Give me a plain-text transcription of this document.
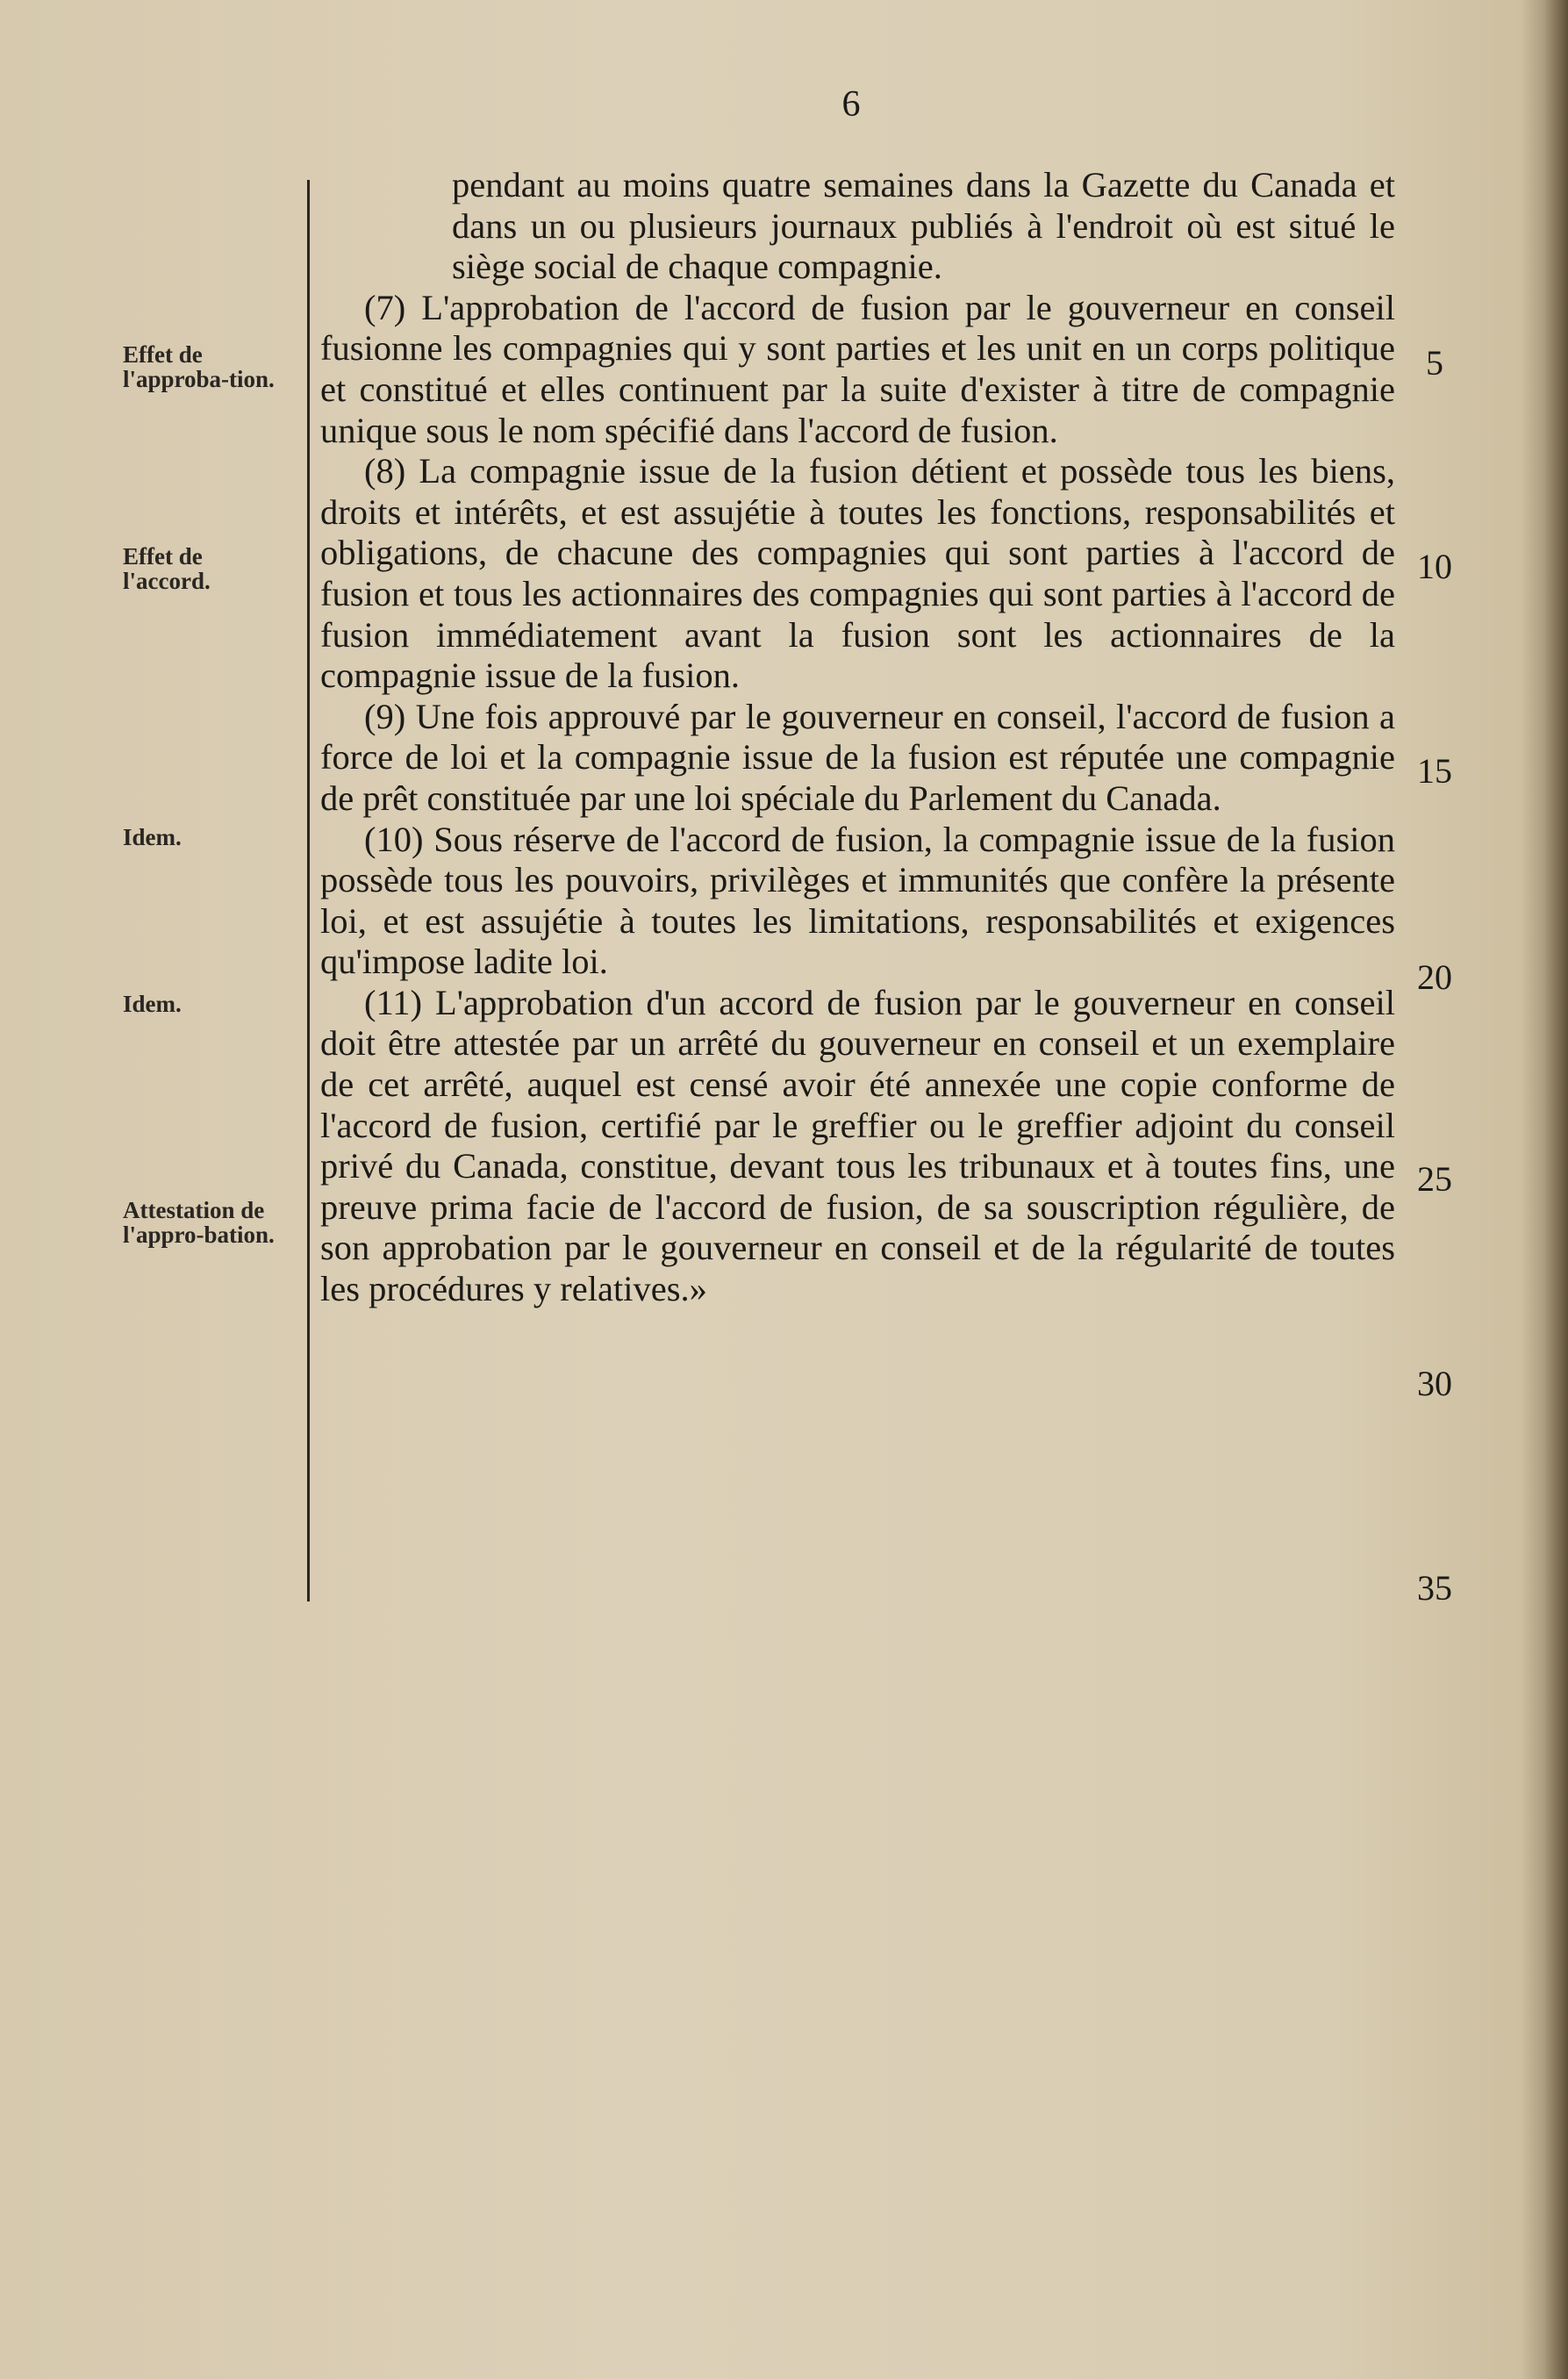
6
Effet de l'approba-tion.
Effet de l'accord.
Idem.
Idem.
Attestation de l'appro-bation.
5
10
15
20
25
30
35

pendant au moins quatre semaines dans la Gazette du Canada et dans un ou plusieurs journaux publiés à l'endroit où est situé le siège social de chaque compagnie.

(7) L'approbation de l'accord de fusion par le gouverneur en conseil fusionne les compagnies qui y sont parties et les unit en un corps politique et constitué et elles continuent par la suite d'exister à titre de compagnie unique sous le nom spécifié dans l'accord de fusion.

(8) La compagnie issue de la fusion détient et possède tous les biens, droits et intérêts, et est assujétie à toutes les fonctions, responsabilités et obligations, de chacune des compagnies qui sont parties à l'accord de fusion et tous les actionnaires des compagnies qui sont parties à l'accord de fusion immédiatement avant la fusion sont les actionnaires de la compagnie issue de la fusion.

(9) Une fois approuvé par le gouverneur en conseil, l'accord de fusion a force de loi et la compagnie issue de la fusion est réputée une compagnie de prêt constituée par une loi spéciale du Parlement du Canada.

(10) Sous réserve de l'accord de fusion, la compagnie issue de la fusion possède tous les pouvoirs, privilèges et immunités que confère la présente loi, et est assujétie à toutes les limitations, responsabilités et exigences qu'impose ladite loi.

(11) L'approbation d'un accord de fusion par le gouverneur en conseil doit être attestée par un arrêté du gouverneur en conseil et un exemplaire de cet arrêté, auquel est censé avoir été annexée une copie conforme de l'accord de fusion, certifié par le greffier ou le greffier adjoint du conseil privé du Canada, constitue, devant tous les tribunaux et à toutes fins, une preuve prima facie de l'accord de fusion, de sa souscription régulière, de son approbation par le gouverneur en conseil et de la régularité de toutes les procédures y relatives.»
